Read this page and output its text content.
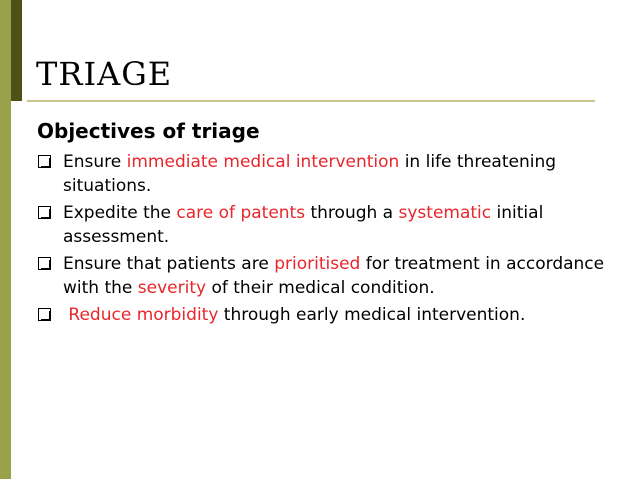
TRIAGE
Objectives of triage
Ensure immediate medical intervention in life threatening situations.
Expedite the care of patents through a systematic initial assessment.
Ensure that patients are prioritised for treatment in accordance with the severity of their medical condition.
Reduce morbidity through early medical intervention.
